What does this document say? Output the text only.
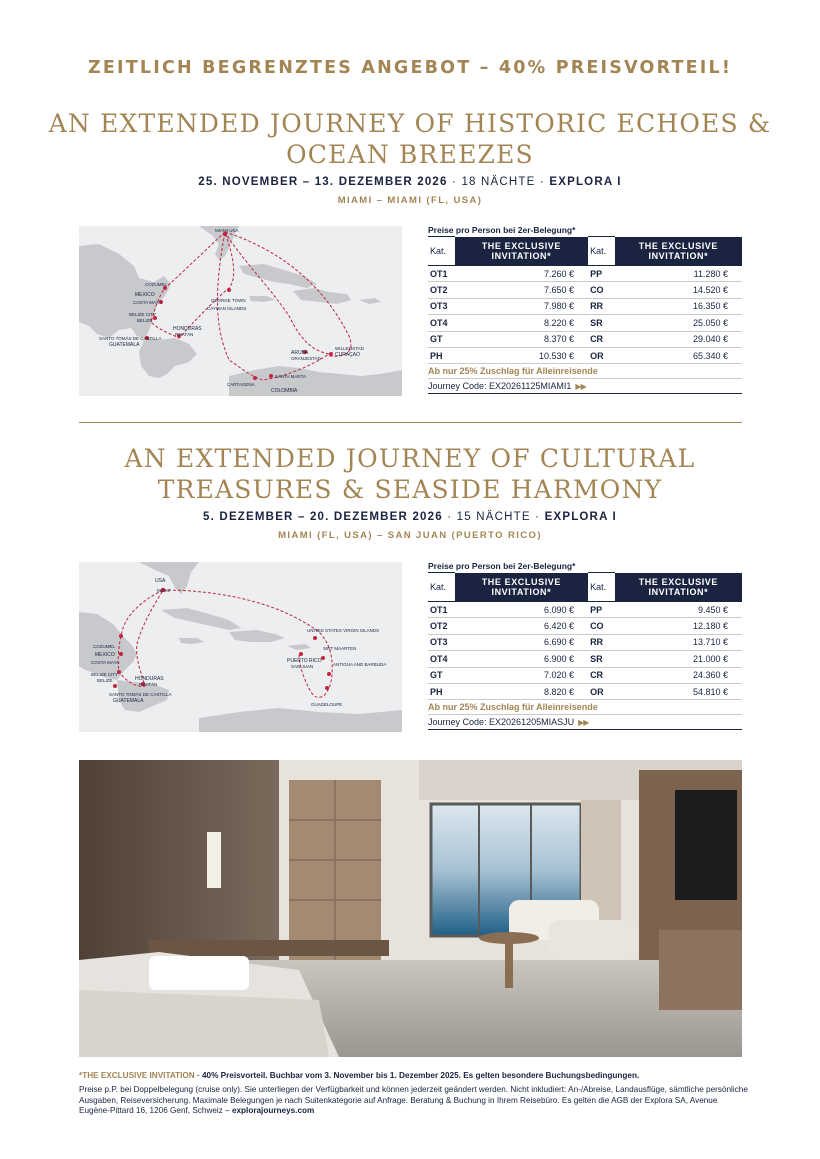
ZEITLICH BEGRENZTES ANGEBOT – 40% PREISVORTEIL!
AN EXTENDED JOURNEY OF HISTORIC ECHOES &
OCEAN BREEZES
25. NOVEMBER – 13. DEZEMBER 2026 · 18 NÄCHTE · EXPLORA I
MIAMI – MIAMI (FL, USA)
MIAMI USA
COZUMEL
MEXICO
COSTA MAYA
BELIZE CITY
BELIZE
SANTO TOMÁS DE CASTILLA
GUATEMALA
HONDURAS
ROATÁN
GEORGE TOWN
CAYMAN ISLANDS
ARUBA
ORANJESTAD
WILLEMSTAD
CURAÇAO
CARTAGENA
SANTA MARTA
COLOMBIA
Preise pro Person bei 2er-Belegung*
Kat.	THE EXCLUSIVE INVITATION*	Kat.	THE EXCLUSIVE INVITATION*
OT1	7.260 €	PP	11.280 €
OT2	7.650 €	CO	14.520 €
OT3	7.980 €	RR	16.350 €
OT4	8.220 €	SR	25.050 €
GT	8.370 €	CR	29.040 €
PH	10.530 €	OR	65.340 €
Ab nur 25% Zuschlag für Alleinreisende
Journey Code: EX20261125MIAMI1 ▶▶
AN EXTENDED JOURNEY OF CULTURAL
TREASURES & SEASIDE HARMONY
5. DEZEMBER – 20. DEZEMBER 2026 · 15 NÄCHTE · EXPLORA I
MIAMI (FL, USA) – SAN JUAN (PUERTO RICO)
USA
MIAMI
COZUMEL
MEXICO
COSTA MAYA
BELIZE CITY
BELIZE	HONDURAS
ROATÁN
SANTO TOMÁS DE CASTILLA
GUATEMALA
UNITED STATES VIRGIN ISLANDS
SINT MAARTEN
PUERTO RICO
SAN JUAN	ANTIGUA AND BARBUDA
GUADELOUPE
Preise pro Person bei 2er-Belegung*
Kat.	THE EXCLUSIVE INVITATION*	Kat.	THE EXCLUSIVE INVITATION*
OT1	6.090 €	PP	9.450 €
OT2	6.420 €	CO	12.180 €
OT3	6.690 €	RR	13.710 €
OT4	6.900 €	SR	21.000 €
GT	7.020 €	CR	24.360 €
PH	8.820 €	OR	54.810 €
Ab nur 25% Zuschlag für Alleinreisende
Journey Code: EX20261205MIASJU ▶▶
*THE EXCLUSIVE INVITATION · 40% Preisvorteil. Buchbar vom 3. November bis 1. Dezember 2025. Es gelten besondere Buchungsbedingungen.
Preise p.P. bei Doppelbelegung (cruise only). Sie unterliegen der Verfügbarkeit und können jederzeit geändert werden. Nicht inkludiert: An-/Abreise, Landausflüge, sämtliche persönliche Ausgaben, Reiseversicherung. Maximale Belegungen je nach Suitenkategorie auf Anfrage. Beratung & Buchung in Ihrem Reisebüro. Es gelten die AGB der Explora SA, Avenue Eugène-Pittard 16, 1206 Genf, Schweiz – explorajourneys.com
